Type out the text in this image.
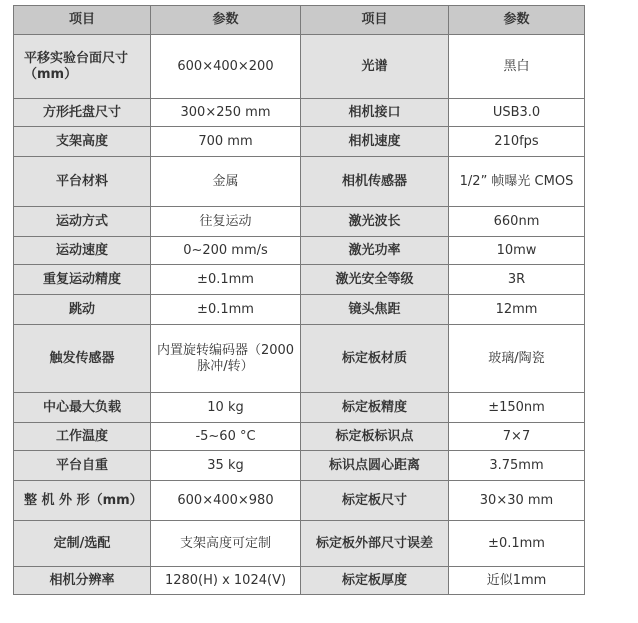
项目	参数	项目	参数
平移实验台面尺寸（mm）	600×400×200	光谱	黑白
方形托盘尺寸	300×250 mm	相机接口	USB3.0
支架高度	700 mm	相机速度	210fps
平台材料	金属	相机传感器	1/2” 帧曝光 CMOS
运动方式	往复运动	激光波长	660nm
运动速度	0~200 mm/s	激光功率	10mw
重复运动精度	±0.1mm	激光安全等级	3R
跳动	±0.1mm	镜头焦距	12mm
触发传感器	内置旋转编码器（2000脉冲/转）	标定板材质	玻璃/陶瓷
中心最大负载	10 kg	标定板精度	±150nm
工作温度	-5~60 °C	标定板标识点	7×7
平台自重	35 kg	标识点圆心距离	3.75mm
整 机 外 形（mm）	600×400×980	标定板尺寸	30×30 mm
定制/选配	支架高度可定制	标定板外部尺寸误差	±0.1mm
相机分辨率	1280(H) x 1024(V)	标定板厚度	近似1mm
